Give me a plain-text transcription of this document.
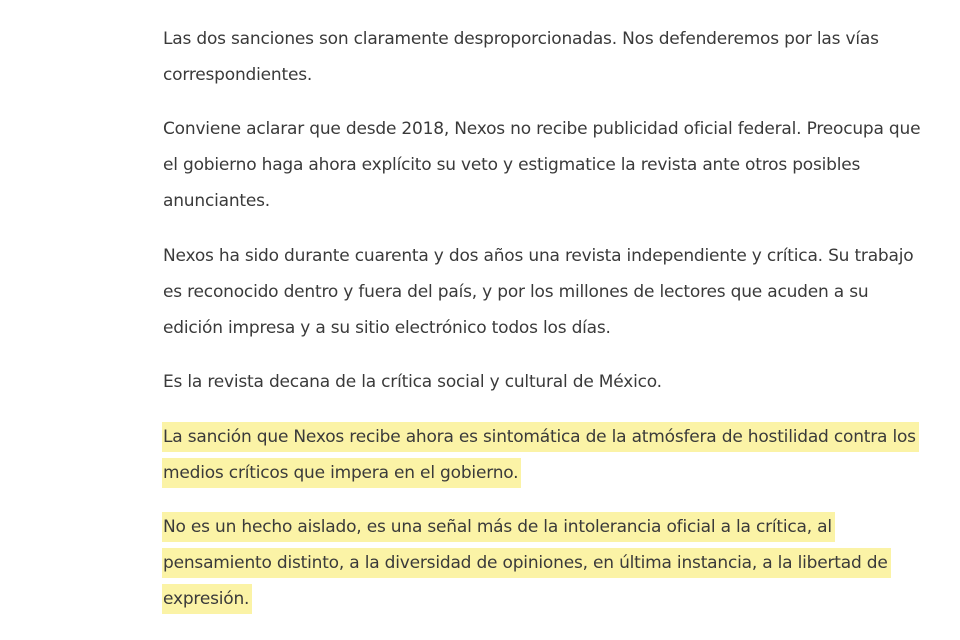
Las dos sanciones son claramente desproporcionadas. Nos defenderemos por las vías
correspondientes.

Conviene aclarar que desde 2018, Nexos no recibe publicidad oficial federal. Preocupa que
el gobierno haga ahora explícito su veto y estigmatice la revista ante otros posibles
anunciantes.

Nexos ha sido durante cuarenta y dos años una revista independiente y crítica. Su trabajo
es reconocido dentro y fuera del país, y por los millones de lectores que acuden a su
edición impresa y a su sitio electrónico todos los días.

Es la revista decana de la crítica social y cultural de México.

La sanción que Nexos recibe ahora es sintomática de la atmósfera de hostilidad contra los
medios críticos que impera en el gobierno.

No es un hecho aislado, es una señal más de la intolerancia oficial a la crítica, al
pensamiento distinto, a la diversidad de opiniones, en última instancia, a la libertad de
expresión.
